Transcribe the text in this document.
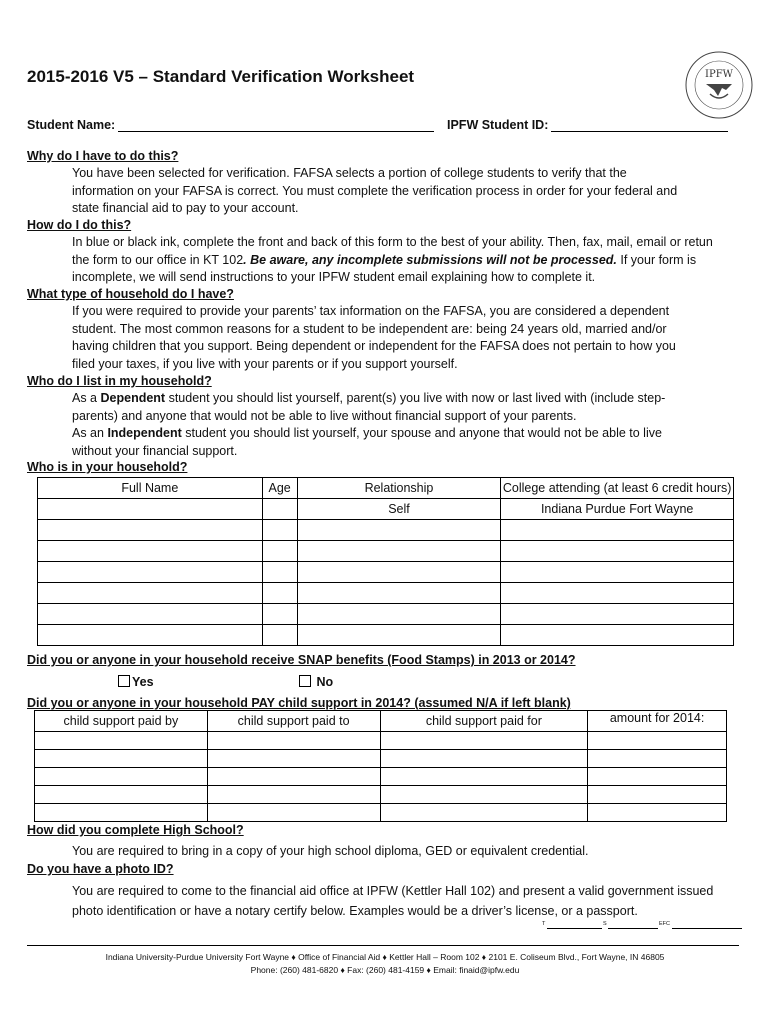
2015-2016 V5 – Standard Verification Worksheet	IPFW
Student Name:	IPFW Student ID:
Why do I have to do this?
You have been selected for verification. FAFSA selects a portion of college students to verify that the
information on your FAFSA is correct. You must complete the verification process in order for your federal and
state financial aid to pay to your account.
How do I do this?
In blue or black ink, complete the front and back of this form to the best of your ability. Then, fax, mail, email or retun
the form to our office in KT 102. Be aware, any incomplete submissions will not be processed. If your form is
incomplete, we will send instructions to your IPFW student email explaining how to complete it.
What type of household do I have?
If you were required to provide your parents’ tax information on the FAFSA, you are considered a dependent
student. The most common reasons for a student to be independent are: being 24 years old, married and/or
having children that you support. Being dependent or independent for the FAFSA does not pertain to how you
filed your taxes, if you live with your parents or if you support yourself.
Who do I list in my household?
As a Dependent student you should list yourself, parent(s) you live with now or last lived with (include step-
parents) and anyone that would not be able to live without financial support of your parents.
As an Independent student you should list yourself, your spouse and anyone that would not be able to live
without your financial support.
Who is in your household?
Full Name	Age	Relationship	College attending (at least 6 credit hours)
		Self	Indiana Purdue Fort Wayne

Did you or anyone in your household receive SNAP benefits (Food Stamps) in 2013 or 2014?
Yes	No
Did you or anyone in your household PAY child support in 2014? (assumed N/A if left blank)
child support paid by	child support paid to	child support paid for	amount for 2014:

How did you complete High School?
You are required to bring in a copy of your high school diploma, GED or equivalent credential.
Do you have a photo ID?
You are required to come to the financial aid office at IPFW (Kettler Hall 102) and present a valid government issued
photo identification or have a notary certify below. Examples would be a driver’s license, or a passport.
T	S	EFC
Indiana University-Purdue University Fort Wayne ♦ Office of Financial Aid ♦ Kettler Hall – Room 102 ♦ 2101 E. Coliseum Blvd., Fort Wayne, IN 46805
Phone: (260) 481-6820 ♦ Fax: (260) 481-4159 ♦ Email: finaid@ipfw.edu
